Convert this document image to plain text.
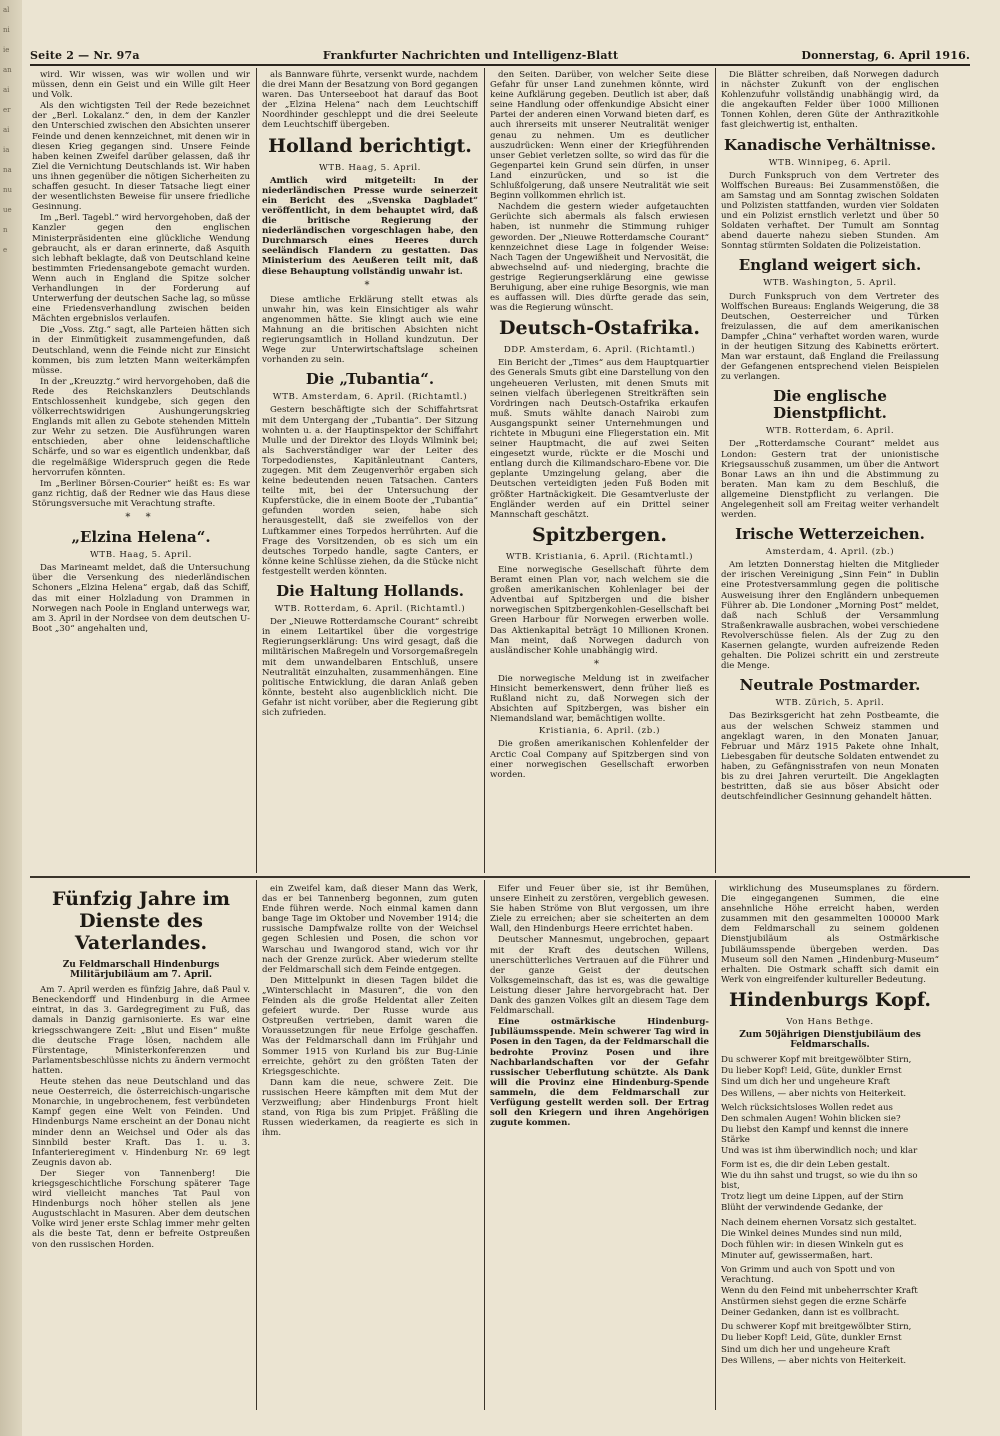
al
ni
ie
an
ai
er
ai
ia
na
nu
ue
n
e
Seite 2 — Nr. 97a	Frankfurter Nachrichten und Intelligenz-Blatt	Donnerstag, 6. April 1916.

wird. Wir wissen, was wir wollen und wir müssen, denn ein Geist und ein Wille gilt Heer und Volk.

Als den wichtigsten Teil der Rede bezeichnet der „Berl. Lokalanz.“ den, in dem der Kanzler den Unterschied zwischen den Absichten unserer Feinde und denen kennzeichnet, mit denen wir in diesen Krieg gegangen sind. Unsere Feinde haben keinen Zweifel darüber gelassen, daß ihr Ziel die Vernichtung Deutschlands ist. Wir haben uns ihnen gegenüber die nötigen Sicherheiten zu schaffen gesucht. In dieser Tatsache liegt einer der wesentlichsten Beweise für unsere friedliche Gesinnung.

Im „Berl. Tagebl.“ wird hervorgehoben, daß der Kanzler gegen den englischen Ministerpräsidenten eine glückliche Wendung gebraucht, als er daran erinnerte, daß Asquith sich lebhaft beklagte, daß von Deutschland keine bestimmten Friedensangebote gemacht wurden. Wenn auch in England die Spitze solcher Verhandlungen in der Forderung auf Unterwerfung der deutschen Sache lag, so müsse eine Friedensverhandlung zwischen beiden Mächten ergebnislos verlaufen.

Die „Voss. Ztg.“ sagt, alle Parteien hätten sich in der Einmütigkeit zusammengefunden, daß Deutschland, wenn die Feinde nicht zur Einsicht kommen, bis zum letzten Mann weiterkämpfen müsse.

In der „Kreuzztg.“ wird hervorgehoben, daß die Rede des Reichskanzlers Deutschlands Entschlossenheit kundgebe, sich gegen den völkerrechtswidrigen Aushungerungskrieg Englands mit allen zu Gebote stehenden Mitteln zur Wehr zu setzen. Die Ausführungen waren entschieden, aber ohne leidenschaftliche Schärfe, und so war es eigentlich undenkbar, daß die regelmäßige Widerspruch gegen die Rede hervorrufen könnten.

Im „Berliner Börsen-Courier“ heißt es: Es war ganz richtig, daß der Redner wie das Haus diese Störungsversuche mit Verachtung strafte.

* *
„Elzina Helena“.
WTB. Haag, 5. April.

Das Marineamt meldet, daß die Untersuchung über die Versenkung des niederländischen Schoners „Elzina Helena“ ergab, daß das Schiff, das mit einer Holzladung von Drammen in Norwegen nach Poole in England unterwegs war, am 3. April in der Nordsee von dem deutschen U-Boot „30“ angehalten und,

als Bannware führte, versenkt wurde, nachdem die drei Mann der Besatzung von Bord gegangen waren. Das Unterseeboot hat darauf das Boot der „Elzina Helena“ nach dem Leuchtschiff Noordhinder geschleppt und die drei Seeleute dem Leuchtschiff übergeben.

Holland berichtigt.
WTB. Haag, 5. April.

Amtlich wird mitgeteilt: In der niederländischen Presse wurde seinerzeit ein Bericht des „Svenska Dagbladet“ veröffentlicht, in dem behauptet wird, daß die britische Regierung der niederländischen vorgeschlagen habe, den Durchmarsch eines Heeres durch seeländisch Flandern zu gestatten. Das Ministerium des Aeußeren teilt mit, daß diese Behauptung vollständig unwahr ist.

*

Diese amtliche Erklärung stellt etwas als unwahr hin, was kein Einsichtiger als wahr angenommen hätte. Sie klingt auch wie eine Mahnung an die britischen Absichten nicht regierungsamtlich in Holland kundzutun. Der Wege zur Unterwirtschaftslage scheinen vorhanden zu sein.

Die „Tubantia“.
WTB. Amsterdam, 6. April. (Richtamtl.)

Gestern beschäftigte sich der Schiffahrtsrat mit dem Untergang der „Tubantia“. Der Sitzung wohnten u. a. der Hauptinspektor der Schiffahrt Mulle und der Direktor des Lloyds Wilmink bei; als Sachverständiger war der Leiter des Torpedodienstes, Kapitänleutnant Canters, zugegen. Mit dem Zeugenverhör ergaben sich keine bedeutenden neuen Tatsachen. Canters teilte mit, bei der Untersuchung der Kupferstücke, die in einem Boote der „Tubantia“ gefunden worden seien, habe sich herausgestellt, daß sie zweifellos von der Luftkammer eines Torpedos herrührten. Auf die Frage des Vorsitzenden, ob es sich um ein deutsches Torpedo handle, sagte Canters, er könne keine Schlüsse ziehen, da die Stücke nicht festgestellt werden könnten.

Die Haltung Hollands.
WTB. Rotterdam, 6. April. (Richtamtl.)

Der „Nieuwe Rotterdamsche Courant“ schreibt in einem Leitartikel über die vorgestrige Regierungserklärung: Uns wird gesagt, daß die militärischen Maßregeln und Vorsorgemaßregeln mit dem unwandelbaren Entschluß, unsere Neutralität einzuhalten, zusammenhängen. Eine politische Entwicklung, die daran Anlaß geben könnte, besteht also augenblicklich nicht. Die Gefahr ist nicht vorüber, aber die Regierung gibt sich zufrieden.

den Seiten. Darüber, von welcher Seite diese Gefahr für unser Land zunehmen könnte, wird keine Aufklärung gegeben. Deutlich ist aber, daß seine Handlung oder offenkundige Absicht einer Partei der anderen einen Vorwand bieten darf, es auch ihrerseits mit unserer Neutralität weniger genau zu nehmen. Um es deutlicher auszudrücken: Wenn einer der Kriegführenden unser Gebiet verletzen sollte, so wird das für die Gegenpartei kein Grund sein dürfen, in unser Land einzurücken, und so ist die Schlußfolgerung, daß unsere Neutralität wie seit Beginn vollkommen ehrlich ist.

Nachdem die gestern wieder aufgetauchten Gerüchte sich abermals als falsch erwiesen haben, ist nunmehr die Stimmung ruhiger geworden. Der „Nieuwe Rotterdamsche Courant“ kennzeichnet diese Lage in folgender Weise: Nach Tagen der Ungewißheit und Nervosität, die abwechselnd auf- und niederging, brachte die gestrige Regierungserklärung eine gewisse Beruhigung, aber eine ruhige Besorgnis, wie man es auffassen will. Dies dürfte gerade das sein, was die Regierung wünscht.

Deutsch-Ostafrika.
DDP. Amsterdam, 6. April. (Richtamtl.)

Ein Bericht der „Times“ aus dem Hauptquartier des Generals Smuts gibt eine Darstellung von den ungeheueren Verlusten, mit denen Smuts mit seinen vielfach überlegenen Streitkräften sein Vordringen nach Deutsch-Ostafrika erkaufen muß. Smuts wählte danach Nairobi zum Ausgangspunkt seiner Unternehmungen und richtete in Mbuguni eine Fliegerstation ein. Mit seiner Hauptmacht, die auf zwei Seiten eingesetzt wurde, rückte er die Moschi und entlang durch die Kilimandscharo-Ebene vor. Die geplante Umzingelung gelang, aber die Deutschen verteidigten jeden Fuß Boden mit größter Hartnäckigkeit. Die Gesamtverluste der Engländer werden auf ein Drittel seiner Mannschaft geschätzt.

Spitzbergen.
WTB. Kristiania, 6. April. (Richtamtl.)

Eine norwegische Gesellschaft führte dem Beramt einen Plan vor, nach welchem sie die großen amerikanischen Kohlenlager bei der Adventbai auf Spitzbergen und die bisher norwegischen Spitzbergenkohlen-Gesellschaft bei Green Harbour für Norwegen erwerben wolle. Das Aktienkapital beträgt 10 Millionen Kronen. Man meint, daß Norwegen dadurch von ausländischer Kohle unabhängig wird.

*

Die norwegische Meldung ist in zweifacher Hinsicht bemerkenswert, denn früher ließ es Rußland nicht zu, daß Norwegen sich der Absichten auf Spitzbergen, was bisher ein Niemandsland war, bemächtigen wollte.

Kristiania, 6. April. (zb.)

Die großen amerikanischen Kohlenfelder der Arctic Coal Company auf Spitzbergen sind von einer norwegischen Gesellschaft erworben worden.

Die Blätter schreiben, daß Norwegen dadurch in nächster Zukunft von der englischen Kohlenzufuhr vollständig unabhängig wird, da die angekauften Felder über 1000 Millionen Tonnen Kohlen, deren Güte der Anthrazitkohle fast gleichwertig ist, enthalten.

Kanadische Verhältnisse.
WTB. Winnipeg, 6. April.

Durch Funkspruch von dem Vertreter des Wolffschen Bureaus: Bei Zusammenstößen, die am Samstag und am Sonntag zwischen Soldaten und Polizisten stattfanden, wurden vier Soldaten und ein Polizist ernstlich verletzt und über 50 Soldaten verhaftet. Der Tumult am Sonntag abend dauerte nahezu sieben Stunden. Am Sonntag stürmten Soldaten die Polizeistation.

England weigert sich.
WTB. Washington, 5. April.

Durch Funkspruch von dem Vertreter des Wolffschen Bureaus: Englands Weigerung, die 38 Deutschen, Oesterreicher und Türken freizulassen, die auf dem amerikanischen Dampfer „China“ verhaftet worden waren, wurde in der heutigen Sitzung des Kabinetts erörtert. Man war erstaunt, daß England die Freilassung der Gefangenen entsprechend vielen Beispielen zu verlangen.

Die englische Dienstpflicht.
WTB. Rotterdam, 6. April.

Der „Rotterdamsche Courant“ meldet aus London: Gestern trat der unionistische Kriegsausschuß zusammen, um über die Antwort Bonar Laws an ihn und die Abstimmung zu beraten. Man kam zu dem Beschluß, die allgemeine Dienstpflicht zu verlangen. Die Angelegenheit soll am Freitag weiter verhandelt werden.

Irische Wetterzeichen.
Amsterdam, 4. April. (zb.)

Am letzten Donnerstag hielten die Mitglieder der irischen Vereinigung „Sinn Fein“ in Dublin eine Protestversammlung gegen die politische Ausweisung ihrer den Engländern unbequemen Führer ab. Die Londoner „Morning Post“ meldet, daß nach Schluß der Versammlung Straßenkrawalle ausbrachen, wobei verschiedene Revolverschüsse fielen. Als der Zug zu den Kasernen gelangte, wurden aufreizende Reden gehalten. Die Polizei schritt ein und zerstreute die Menge.

Neutrale Postmarder.
WTB. Zürich, 5. April.

Das Bezirksgericht hat zehn Postbeamte, die aus der welschen Schweiz stammen und angeklagt waren, in den Monaten Januar, Februar und März 1915 Pakete ohne Inhalt, Liebesgaben für deutsche Soldaten entwendet zu haben, zu Gefängnisstrafen von neun Monaten bis zu drei Jahren verurteilt. Die Angeklagten bestritten, daß sie aus böser Absicht oder deutschfeindlicher Gesinnung gehandelt hätten.

Fünfzig Jahre im Dienste des Vaterlandes.
Zu Feldmarschall Hindenburgs Militärjubiläum am 7. April.

Am 7. April werden es fünfzig Jahre, daß Paul v. Beneckendorff und Hindenburg in die Armee eintrat, in das 3. Gardegregiment zu Fuß, das damals in Danzig garnisonierte. Es war eine kriegsschwangere Zeit: „Blut und Eisen“ mußte die deutsche Frage lösen, nachdem alle Fürstentage, Ministerkonferenzen und Parlamentsbeschlüsse nichts zu ändern vermocht hatten.

Heute stehen das neue Deutschland und das neue Oesterreich, die österreichisch-ungarische Monarchie, in ungebrochenem, fest verbündeten Kampf gegen eine Welt von Feinden. Und Hindenburgs Name erscheint an der Donau nicht minder denn an Weichsel und Oder als das Sinnbild bester Kraft. Das 1. u. 3. Infanterieregiment v. Hindenburg Nr. 69 legt Zeugnis davon ab.

Der Sieger von Tannenberg! Die kriegsgeschichtliche Forschung späterer Tage wird vielleicht manches Tat Paul von Hindenburgs noch höher stellen als jene Augustschlacht in Masuren. Aber dem deutschen Volke wird jener erste Schlag immer mehr gelten als die beste Tat, denn er befreite Ostpreußen von den russischen Horden.

ein Zweifel kam, daß dieser Mann das Werk, das er bei Tannenberg begonnen, zum guten Ende führen werde. Noch einmal kamen dann bange Tage im Oktober und November 1914; die russische Dampfwalze rollte von der Weichsel gegen Schlesien und Posen, die schon vor Warschau und Iwangorod stand, wich vor ihr nach der Grenze zurück. Aber wiederum stellte der Feldmarschall sich dem Feinde entgegen.

Den Mittelpunkt in diesen Tagen bildet die „Winterschlacht in Masuren“, die von den Feinden als die große Heldentat aller Zeiten gefeiert wurde. Der Russe wurde aus Ostpreußen vertrieben, damit waren die Voraussetzungen für neue Erfolge geschaffen. Was der Feldmarschall dann im Frühjahr und Sommer 1915 von Kurland bis zur Bug-Linie erreichte, gehört zu den größten Taten der Kriegsgeschichte.

Dann kam die neue, schwere Zeit. Die russischen Heere kämpften mit dem Mut der Verzweiflung; aber Hindenburgs Front hielt stand, von Riga bis zum Pripjet. Fräßling die Russen wiederkamen, da reagierte es sich in ihm.

Eifer und Feuer über sie, ist ihr Bemühen, unsere Einheit zu zerstören, vergeblich gewesen. Sie haben Ströme von Blut vergossen, um ihre Ziele zu erreichen; aber sie scheiterten an dem Wall, den Hindenburgs Heere errichtet haben.

Deutscher Mannesmut, ungebrochen, gepaart mit der Kraft des deutschen Willens, unerschütterliches Vertrauen auf die Führer und der ganze Geist der deutschen Volksgemeinschaft, das ist es, was die gewaltige Leistung dieser Jahre hervorgebracht hat. Der Dank des ganzen Volkes gilt an diesem Tage dem Feldmarschall.

Eine ostmärkische Hindenburg-Jubiläumsspende. Mein schwerer Tag wird in Posen in den Tagen, da der Feldmarschall die bedrohte Provinz Posen und ihre Nachbarlandschaften vor der Gefahr russischer Ueberflutung schützte. Als Dank will die Provinz eine Hindenburg-Spende sammeln, die dem Feldmarschall zur Verfügung gestellt werden soll. Der Ertrag soll den Kriegern und ihren Angehörigen zugute kommen.

wirklichung des Museumsplanes zu fördern. Die eingegangenen Summen, die eine ansehnliche Höhe erreicht haben, werden zusammen mit den gesammelten 100000 Mark dem Feldmarschall zu seinem goldenen Dienstjubiläum als Ostmärkische Jubiläumsspende übergeben werden. Das Museum soll den Namen „Hindenburg-Museum“ erhalten. Die Ostmark schafft sich damit ein Werk von eingreifender kultureller Bedeutung.

Hindenburgs Kopf.
Von Hans Bethge.
Zum 50jährigen Dienstjubiläum des Feldmarschalls.

Du schwerer Kopf mit breitgewölbter Stirn,

Du lieber Kopf! Leid, Güte, dunkler Ernst

Sind um dich her und ungeheure Kraft

Des Willens, — aber nichts von Heiterkeit.

Welch rücksichtsloses Wollen redet aus

Den schmalen Augen! Wohin blicken sie?

Du liebst den Kampf und kennst die innere Stärke

Und was ist ihm überwindlich noch; und klar

Form ist es, die dir dein Leben gestalt.

Wie du ihn sahst und trugst, so wie du ihn so bist,

Trotz liegt um deine Lippen, auf der Stirn

Blüht der verwindende Gedanke, der

Nach deinem ehernen Vorsatz sich gestaltet.

Die Winkel deines Mundes sind nun mild,

Doch fühlen wir: in diesen Winkeln gut es

Minuter auf, gewissermaßen, hart.

Von Grimm und auch von Spott und von Verachtung.

Wenn du den Feind mit unbeherrschter Kraft

Anstürmen siehst gegen die erzne Schärfe

Deiner Gedanken, dann ist es vollbracht.

Du schwerer Kopf mit breitgewölbter Stirn,

Du lieber Kopf! Leid, Güte, dunkler Ernst

Sind um dich her und ungeheure Kraft

Des Willens, — aber nichts von Heiterkeit.
